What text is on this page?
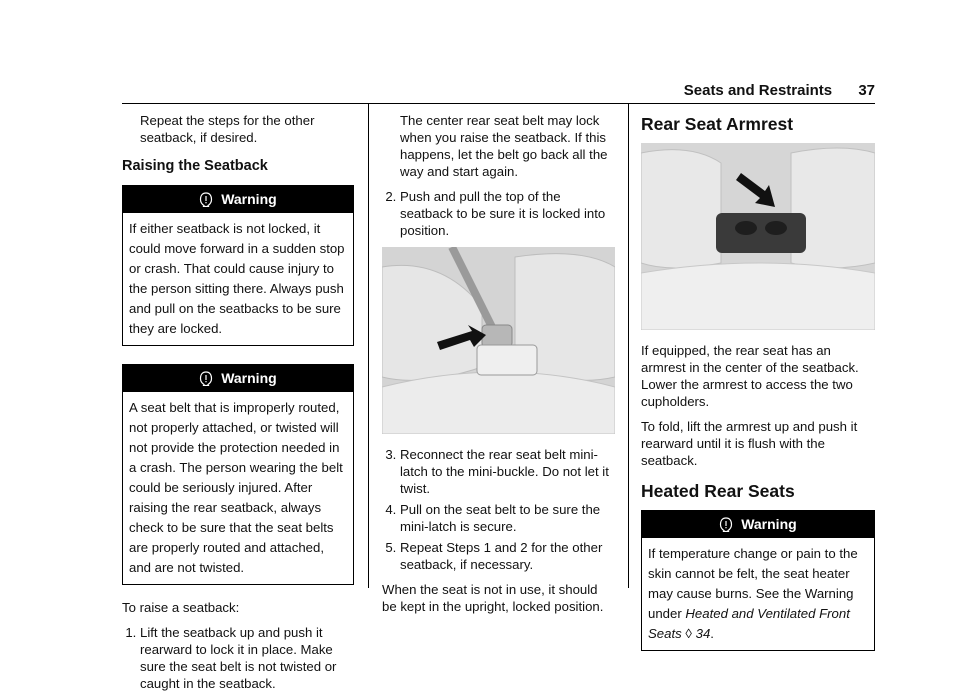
Seats and Restraints 37

Repeat the steps for the other seatback, if desired.

Raising the Seatback
Warning
If either seatback is not locked, it could move forward in a sudden stop or crash. That could cause injury to the person sitting there. Always push and pull on the seatbacks to be sure they are locked.
Warning
A seat belt that is improperly routed, not properly attached, or twisted will not provide the protection needed in a crash. The person wearing the belt could be seriously injured. After raising the rear seatback, always check to be sure that the seat belts are properly routed and attached, and are not twisted.

To raise a seatback:

1. Lift the seatback up and push it rearward to lock it in place. Make sure the seat belt is not twisted or caught in the seatback.

The center rear seat belt may lock when you raise the seatback. If this happens, let the belt go back all the way and start again.

2. Push and pull the top of the seatback to be sure it is locked into position.
3. Reconnect the rear seat belt mini-latch to the mini-buckle. Do not let it twist.
4. Pull on the seat belt to be sure the mini-latch is secure.
5. Repeat Steps 1 and 2 for the other seatback, if necessary.

When the seat is not in use, it should be kept in the upright, locked position.

Rear Seat Armrest

If equipped, the rear seat has an armrest in the center of the seatback. Lower the armrest to access the two cupholders.

To fold, lift the armrest up and push it rearward until it is flush with the seatback.

Heated Rear Seats
Warning
If temperature change or pain to the skin cannot be felt, the seat heater may cause burns. See the Warning under Heated and Ventilated Front Seats ◊ 34.
